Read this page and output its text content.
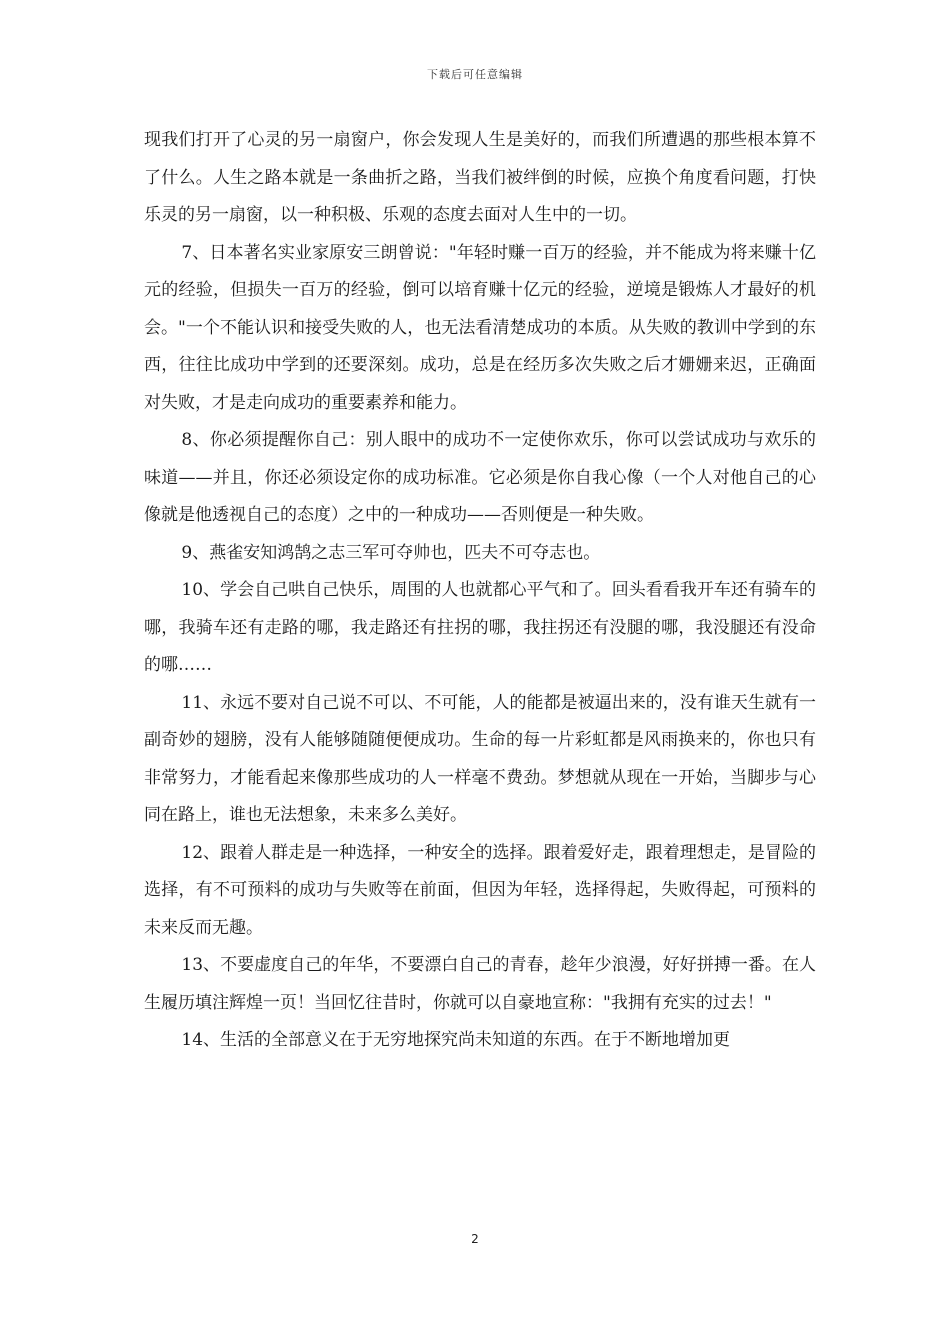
下载后可任意编辑

现我们打开了心灵的另一扇窗户，你会发现人生是美好的，而我们所遭遇的那些根本算不了什么。人生之路本就是一条曲折之路，当我们被绊倒的时候，应换个角度看问题，打快乐灵的另一扇窗，以一种积极、乐观的态度去面对人生中的一切。

7、日本著名实业家原安三朗曾说："年轻时赚一百万的经验，并不能成为将来赚十亿元的经验，但损失一百万的经验，倒可以培育赚十亿元的经验，逆境是锻炼人才最好的机会。"一个不能认识和接受失败的人，也无法看清楚成功的本质。从失败的教训中学到的东西，往往比成功中学到的还要深刻。成功，总是在经历多次失败之后才姗姗来迟，正确面对失败，才是走向成功的重要素养和能力。

8、你必须提醒你自己：别人眼中的成功不一定使你欢乐，你可以尝试成功与欢乐的味道——并且，你还必须设定你的成功标准。它必须是你自我心像（一个人对他自己的心像就是他透视自己的态度）之中的一种成功——否则便是一种失败。

9、燕雀安知鸿鹄之志三军可夺帅也，匹夫不可夺志也。

10、学会自己哄自己快乐，周围的人也就都心平气和了。回头看看我开车还有骑车的哪，我骑车还有走路的哪，我走路还有拄拐的哪，我拄拐还有没腿的哪，我没腿还有没命的哪……

11、永远不要对自己说不可以、不可能，人的能都是被逼出来的，没有谁天生就有一副奇妙的翅膀，没有人能够随随便便成功。生命的每一片彩虹都是风雨换来的，你也只有非常努力，才能看起来像那些成功的人一样毫不费劲。梦想就从现在一开始，当脚步与心同在路上，谁也无法想象，未来多么美好。

12、跟着人群走是一种选择，一种安全的选择。跟着爱好走，跟着理想走，是冒险的选择，有不可预料的成功与失败等在前面，但因为年轻，选择得起，失败得起，可预料的未来反而无趣。

13、不要虚度自己的年华，不要漂白自己的青春，趁年少浪漫，好好拼搏一番。在人生履历填注辉煌一页！当回忆往昔时，你就可以自豪地宣称："我拥有充实的过去！"

14、生活的全部意义在于无穷地探究尚未知道的东西。在于不断地增加更

2
